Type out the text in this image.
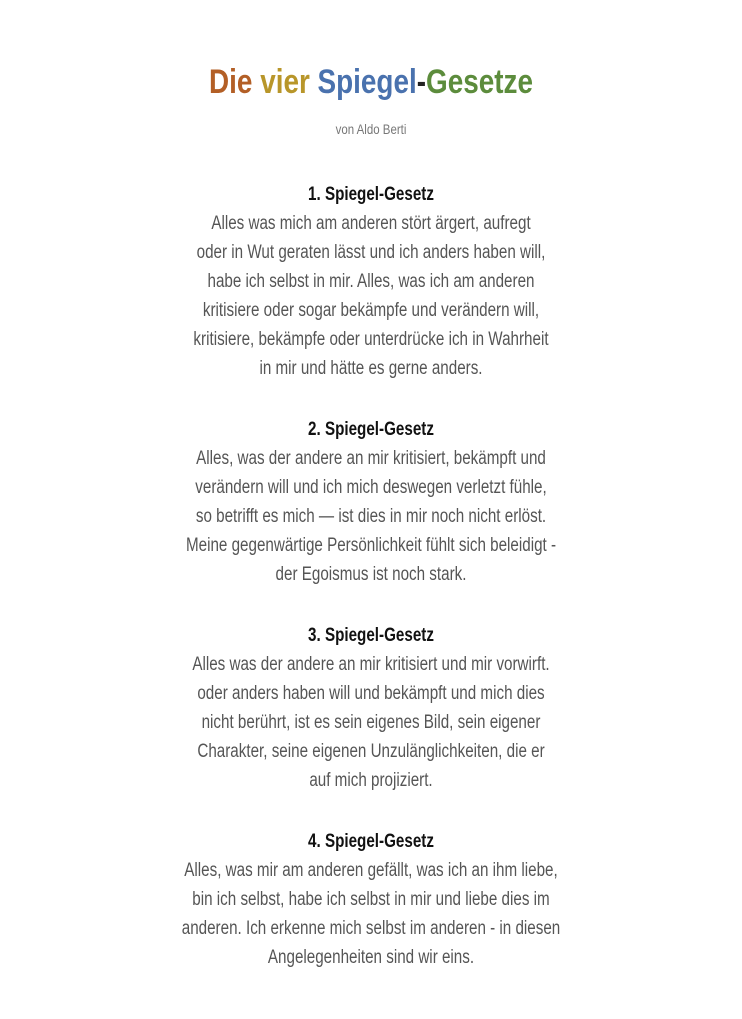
Die vier Spiegel-Gesetze
von Aldo Berti
1. Spiegel-Gesetz
Alles was mich am anderen stört ärgert, aufregt
oder in Wut geraten lässt und ich anders haben will,
habe ich selbst in mir. Alles, was ich am anderen
kritisiere oder sogar bekämpfe und verändern will,
kritisiere, bekämpfe oder unterdrücke ich in Wahrheit
in mir und hätte es gerne anders.
2. Spiegel-Gesetz
Alles, was der andere an mir kritisiert, bekämpft und
verändern will und ich mich deswegen verletzt fühle,
so betrifft es mich — ist dies in mir noch nicht erlöst.
Meine gegenwärtige Persönlichkeit fühlt sich beleidigt -
der Egoismus ist noch stark.
3. Spiegel-Gesetz
Alles was der andere an mir kritisiert und mir vorwirft.
oder anders haben will und bekämpft und mich dies
nicht berührt, ist es sein eigenes Bild, sein eigener
Charakter, seine eigenen Unzulänglichkeiten, die er
auf mich projiziert.
4. Spiegel-Gesetz
Alles, was mir am anderen gefällt, was ich an ihm liebe,
bin ich selbst, habe ich selbst in mir und liebe dies im
anderen. Ich erkenne mich selbst im anderen - in diesen
Angelegenheiten sind wir eins.
